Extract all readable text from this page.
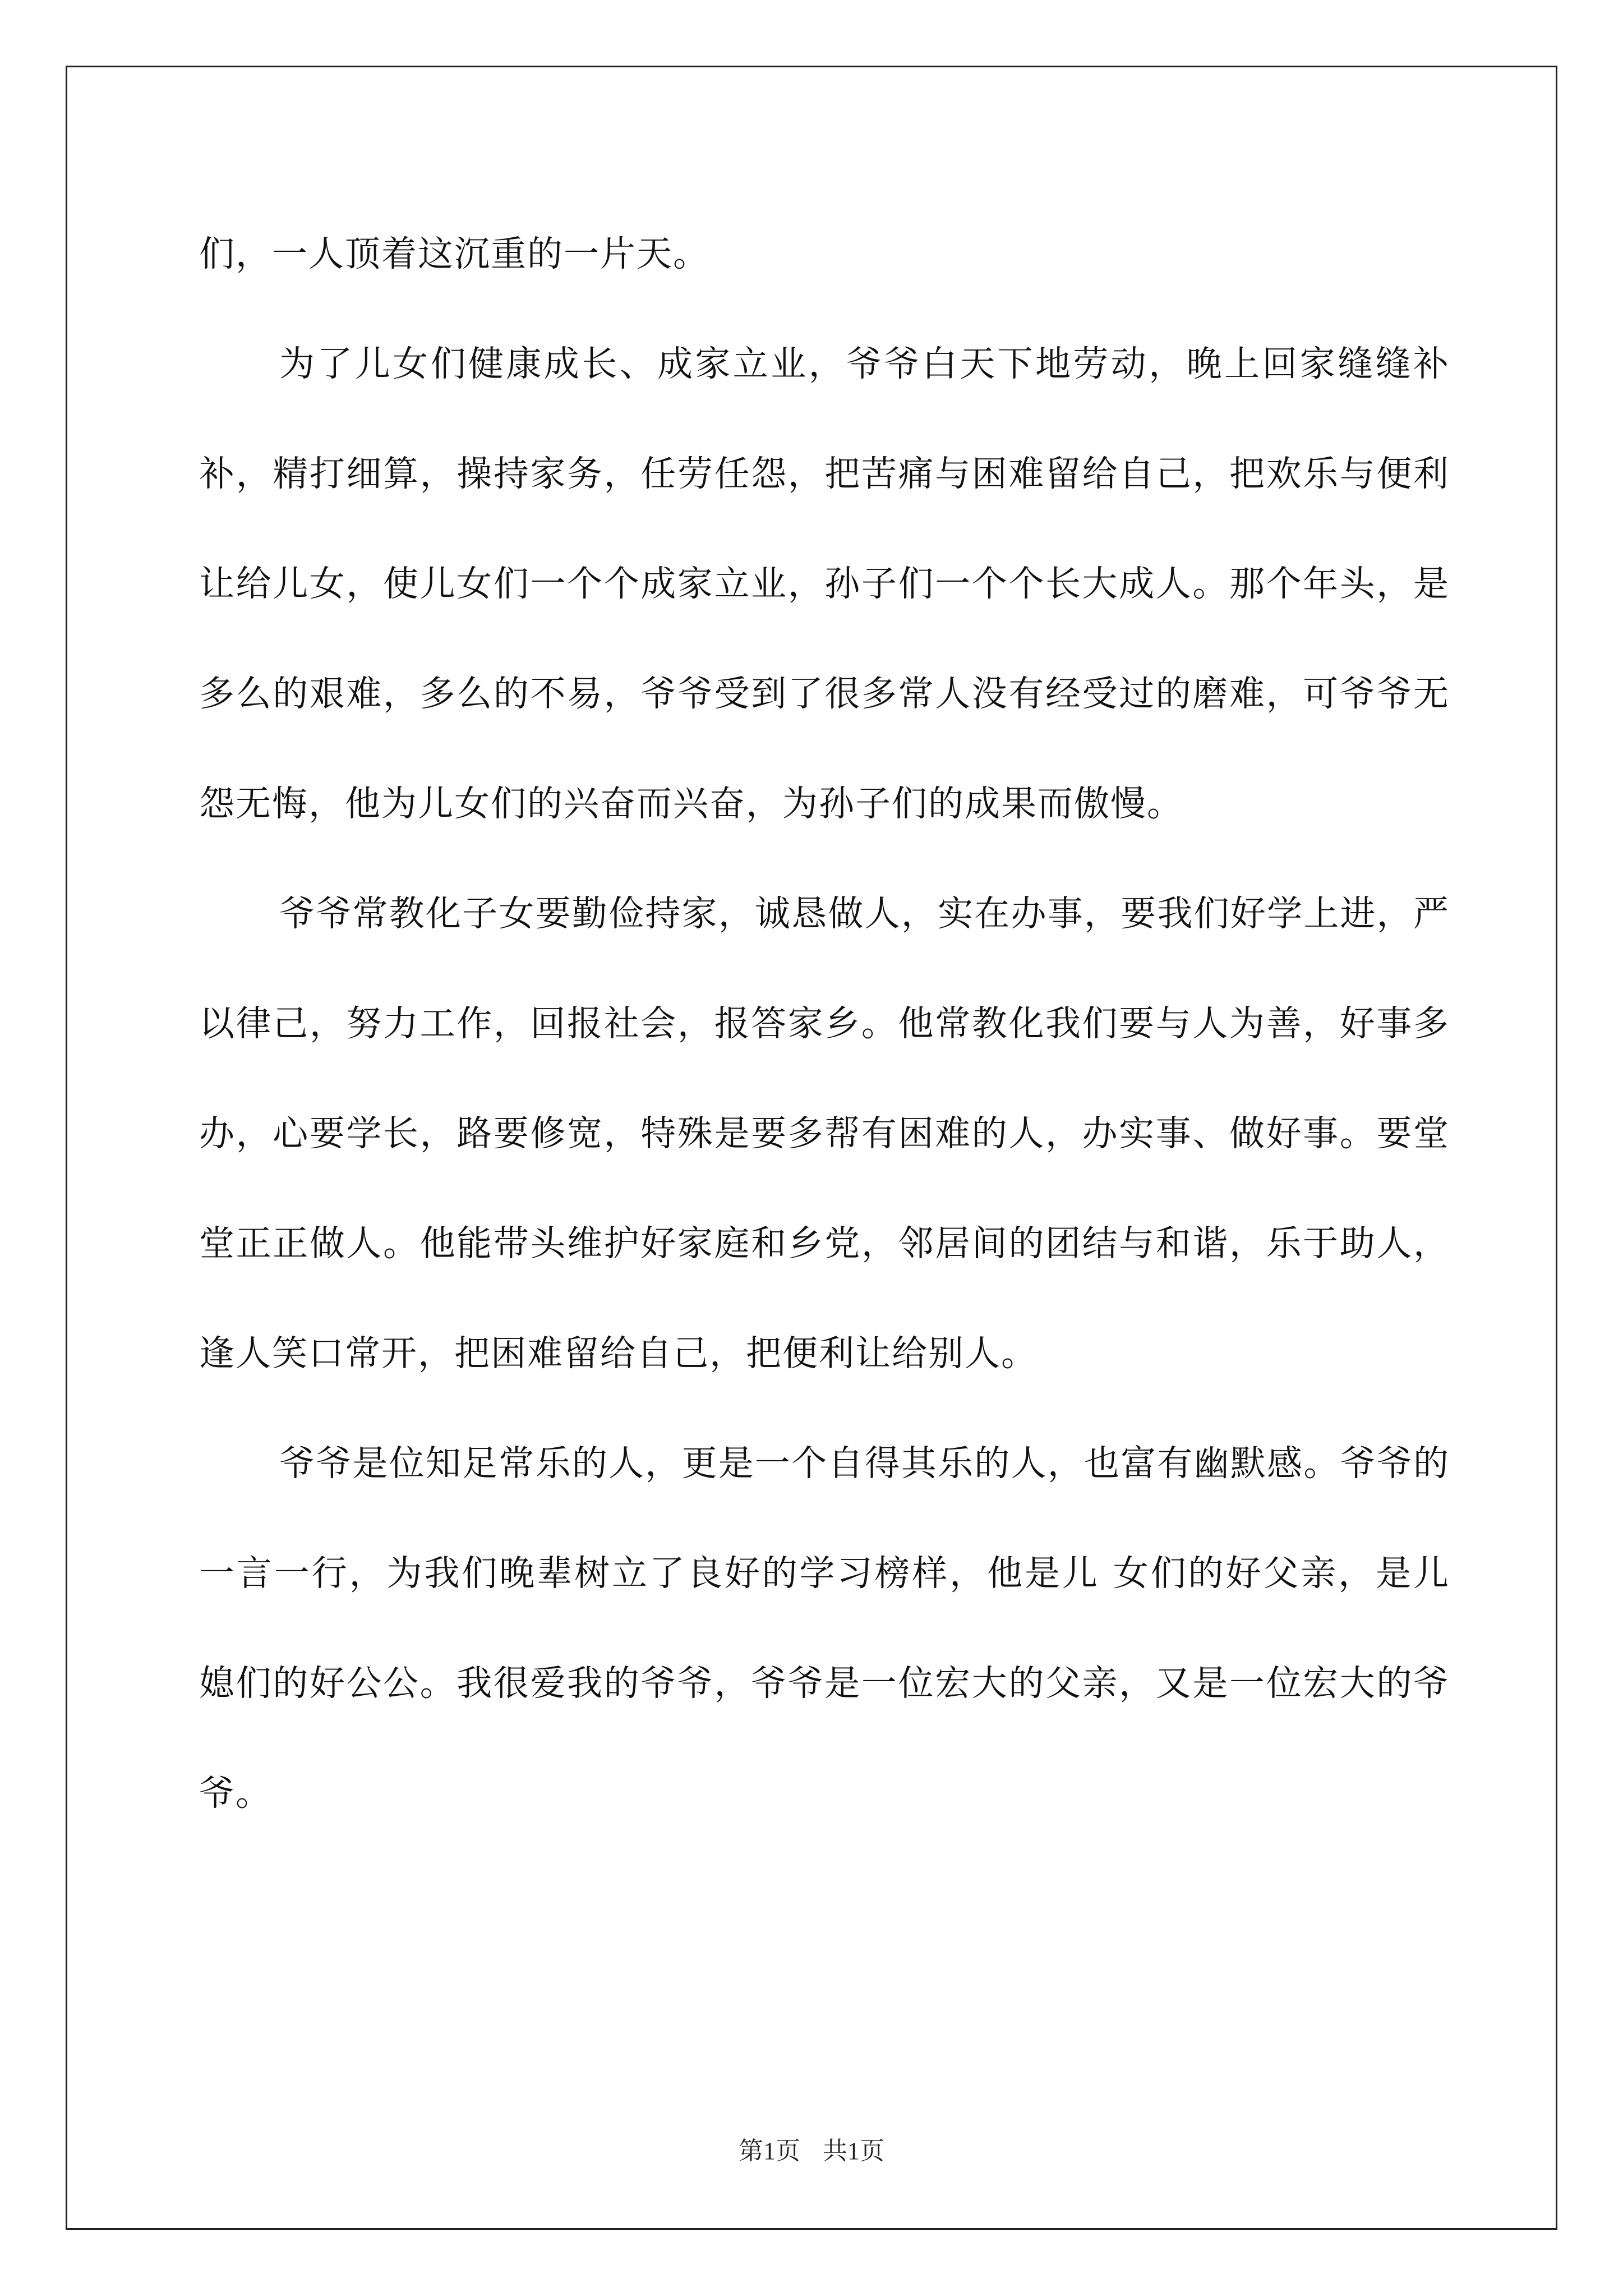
们，一人顶着这沉重的一片天。

为了儿女们健康成长、成家立业，爷爷白天下地劳动，晚上回家缝缝补补，精打细算，操持家务，任劳任怨，把苦痛与困难留给自己，把欢乐与便利让给儿女，使儿女们一个个成家立业，孙子们一个个长大成人。那个年头，是多么的艰难，多么的不易，爷爷受到了很多常人没有经受过的磨难，可爷爷无怨无悔，他为儿女们的兴奋而兴奋，为孙子们的成果而傲慢。

爷爷常教化子女要勤俭持家，诚恳做人，实在办事，要我们好学上进，严以律己，努力工作，回报社会，报答家乡。他常教化我们要与人为善，好事多办，心要学长，路要修宽，特殊是要多帮有困难的人，办实事、做好事。要堂堂正正做人。他能带头维护好家庭和乡党，邻居间的团结与和谐，乐于助人，逢人笑口常开，把困难留给自己，把便利让给别人。

爷爷是位知足常乐的人，更是一个自得其乐的人，也富有幽默感。爷爷的一言一行，为我们晚辈树立了良好的学习榜样，他是儿 女们的好父亲，是儿媳们的好公公。我很爱我的爷爷，爷爷是一位宏大的父亲，又是一位宏大的爷爷。

第1页 共1页
